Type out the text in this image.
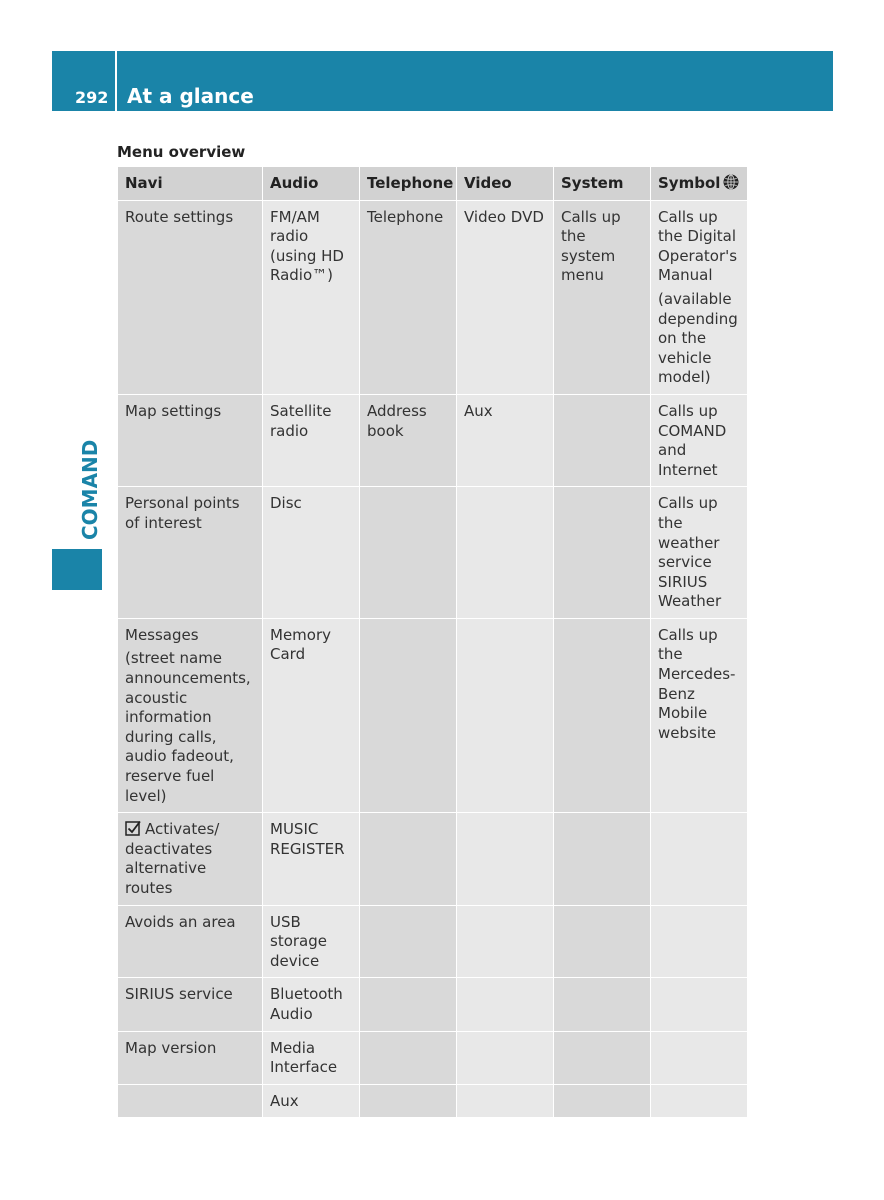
292 At a glance
COMAND
Menu overview
Navi	Audio	Telephone	Video	System	Symbol
Route settings	FM/AM radio (using HD Radio™)	Telephone	Video DVD	Calls up the system menu	Calls up the Digital Operator's Manual
(available depending on the vehicle model)

Map settings	Satellite radio	Address book	Aux		Calls up COMAND and Internet
Personal points of interest	Disc				Calls up the weather service SIRIUS Weather
Messages
(street name announcements, acoustic information during calls, audio fadeout, reserve fuel level)	Memory Card				Calls up the Mercedes-Benz Mobile website
Activates/ deactivates alternative routes	MUSIC REGISTER				
Avoids an area	USB storage device				
SIRIUS service	Bluetooth Audio				
Map version	Media Interface				
	Aux				
